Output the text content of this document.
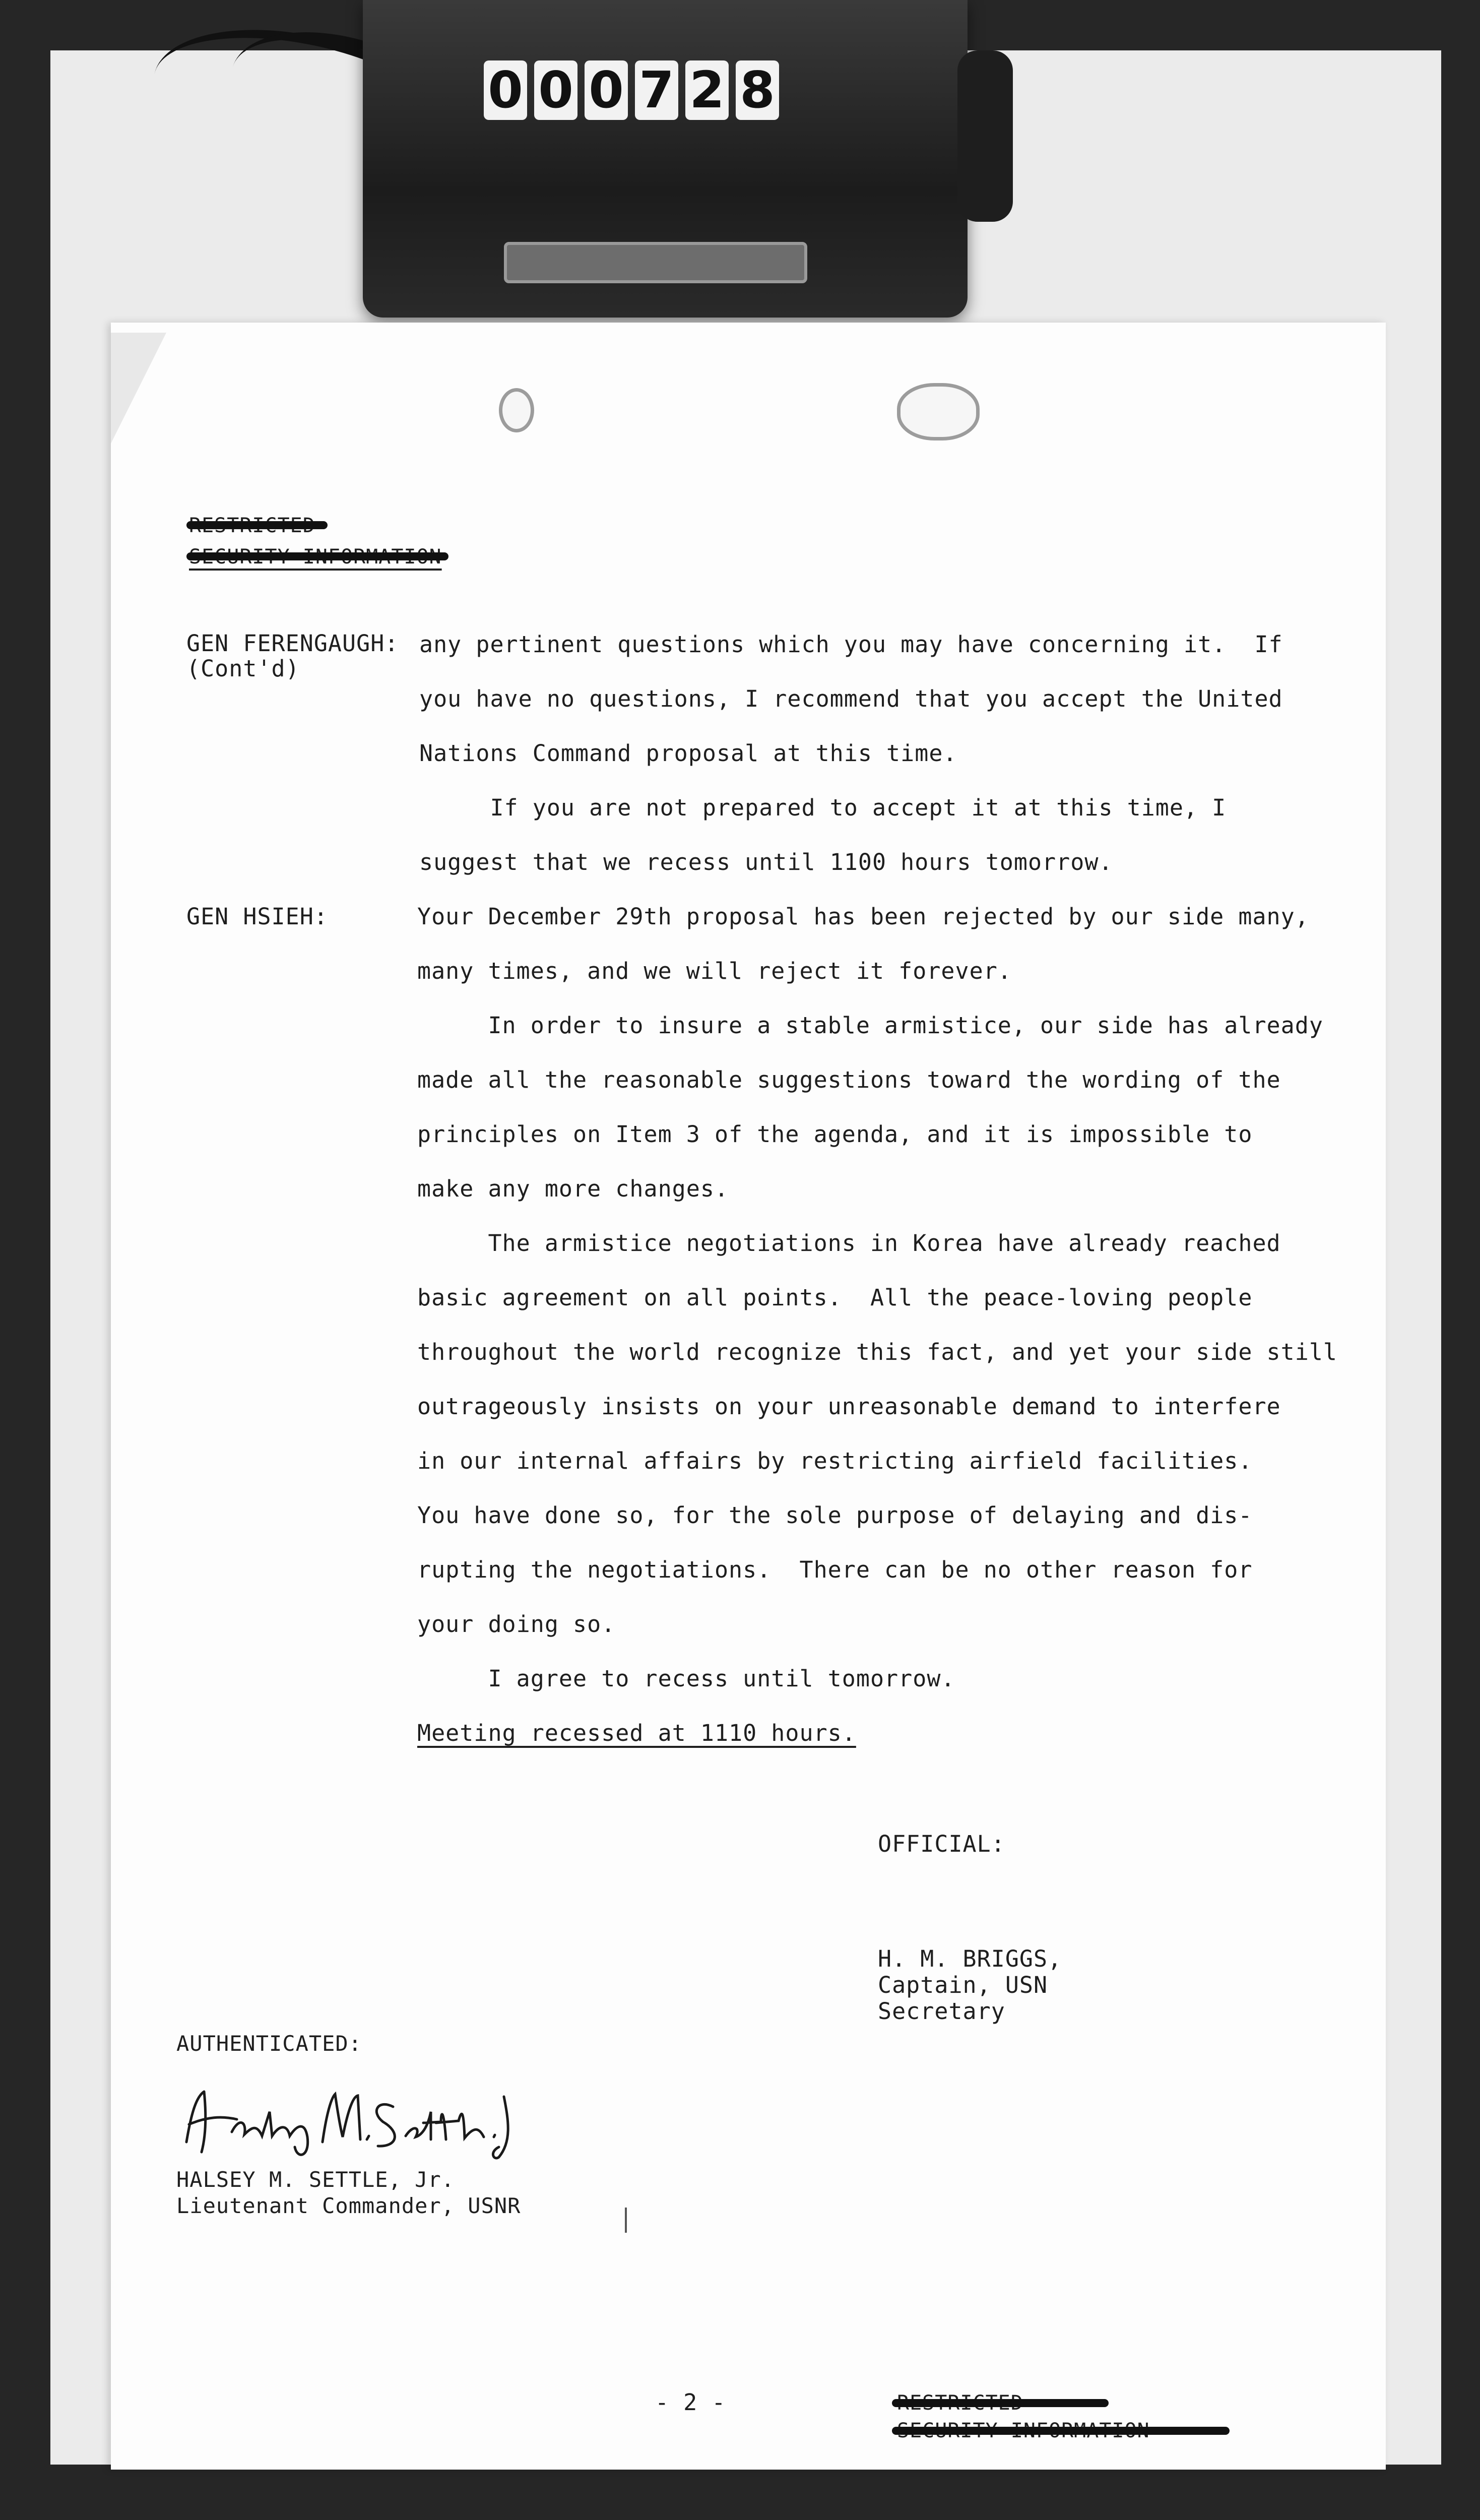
0 0 0 7 2 8
GEN FERENGAUGH:
(Cont'd)
any pertinent questions which you may have concerning it.  If
you have no questions, I recommend that you accept the United
Nations Command proposal at this time.
If you are not prepared to accept it at this time, I
suggest that we recess until 1100 hours tomorrow.
GEN HSIEH:	Your December 29th proposal has been rejected by our side many,
many times, and we will reject it forever.
In order to insure a stable armistice, our side has already
made all the reasonable suggestions toward the wording of the
principles on Item 3 of the agenda, and it is impossible to
make any more changes.
The armistice negotiations in Korea have already reached
basic agreement on all points.  All the peace-loving people
throughout the world recognize this fact, and yet your side still
outrageously insists on your unreasonable demand to interfere
in our internal affairs by restricting airfield facilities.
You have done so, for the sole purpose of delaying and dis-
rupting the negotiations.  There can be no other reason for
your doing so.
I agree to recess until tomorrow.
Meeting recessed at 1110 hours.
OFFICIAL:
H. M. BRIGGS,
Captain, USN
Secretary
AUTHENTICATED:
HALSEY M. SETTLE, Jr.
Lieutenant Commander, USNR
- 2 -
